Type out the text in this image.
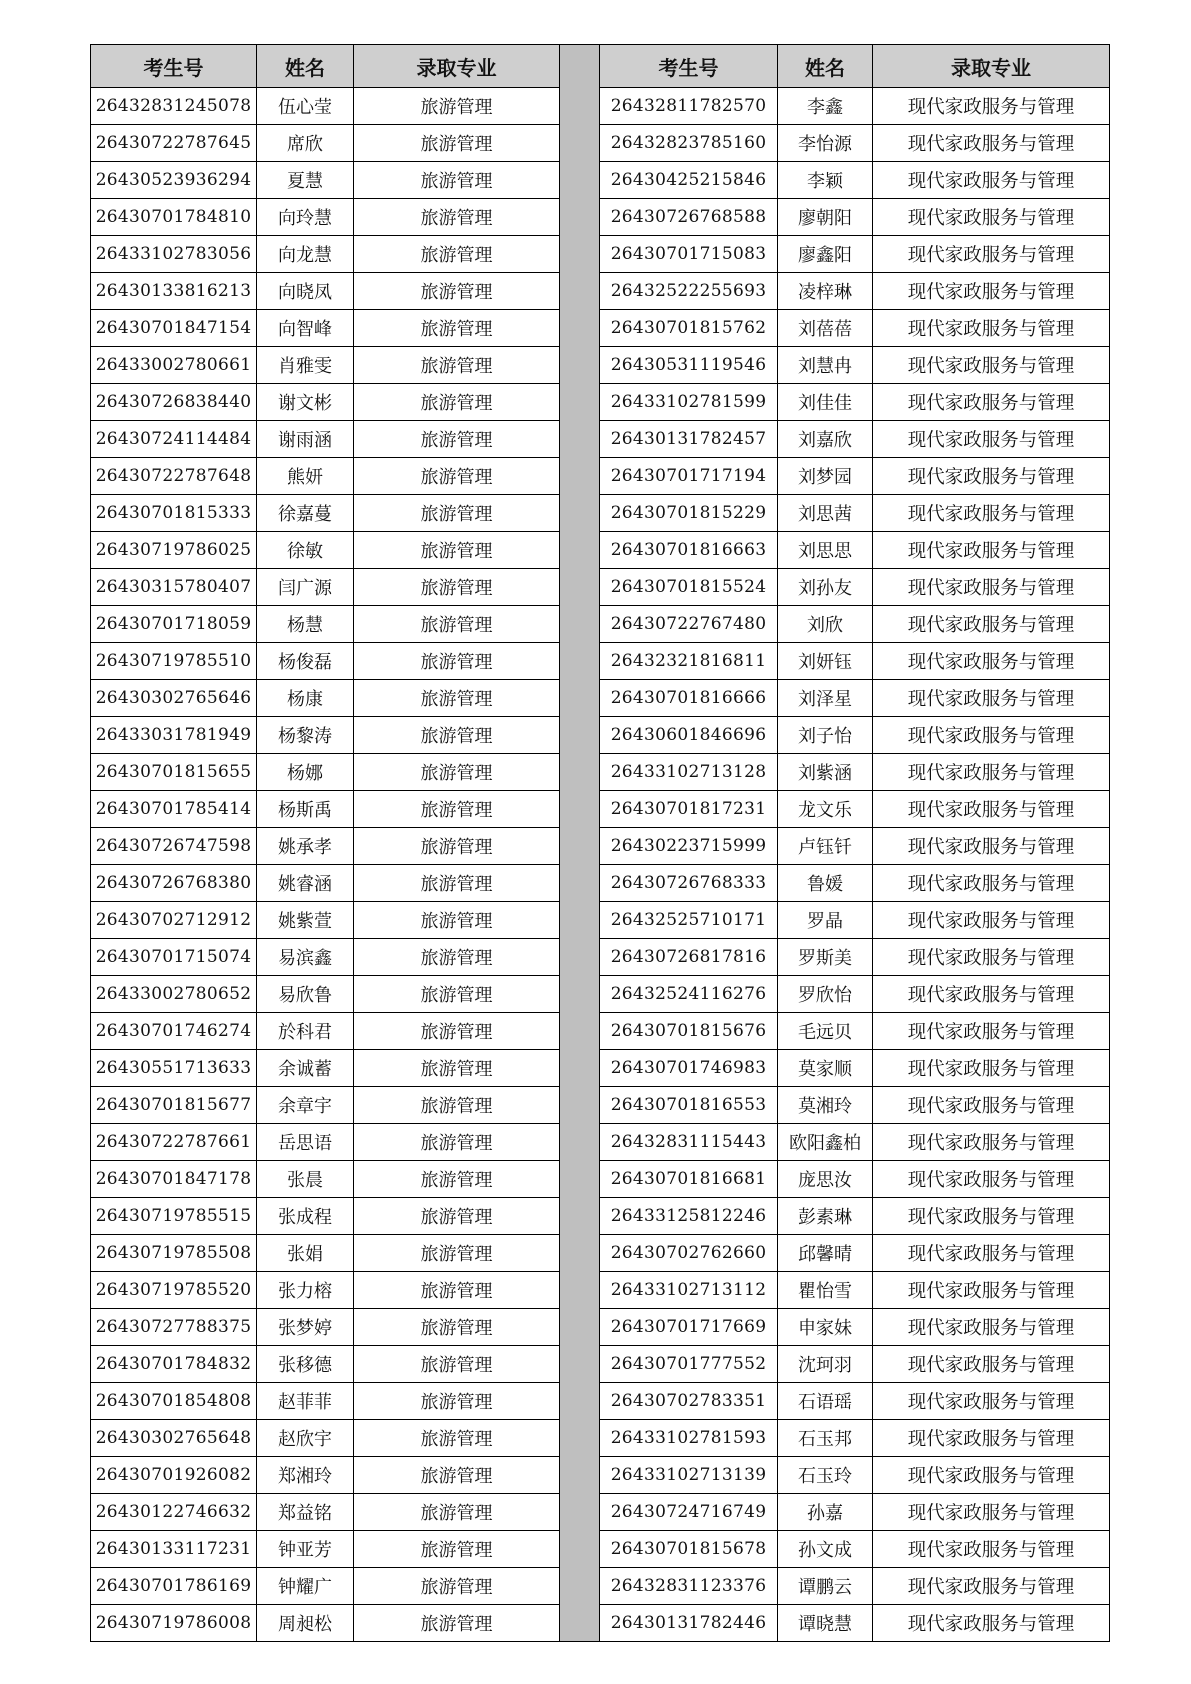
考生号	姓名	录取专业
26432831245078	伍心莹	旅游管理
26430722787645	席欣	旅游管理
26430523936294	夏慧	旅游管理
26430701784810	向玲慧	旅游管理
26433102783056	向龙慧	旅游管理
26430133816213	向晓凤	旅游管理
26430701847154	向智峰	旅游管理
26433002780661	肖雅雯	旅游管理
26430726838440	谢文彬	旅游管理
26430724114484	谢雨涵	旅游管理
26430722787648	熊妍	旅游管理
26430701815333	徐嘉蔓	旅游管理
26430719786025	徐敏	旅游管理
26430315780407	闫广源	旅游管理
26430701718059	杨慧	旅游管理
26430719785510	杨俊磊	旅游管理
26430302765646	杨康	旅游管理
26433031781949	杨黎涛	旅游管理
26430701815655	杨娜	旅游管理
26430701785414	杨斯禹	旅游管理
26430726747598	姚承孝	旅游管理
26430726768380	姚睿涵	旅游管理
26430702712912	姚紫萱	旅游管理
26430701715074	易滨鑫	旅游管理
26433002780652	易欣鲁	旅游管理
26430701746274	於科君	旅游管理
26430551713633	余诚蓄	旅游管理
26430701815677	余章宇	旅游管理
26430722787661	岳思语	旅游管理
26430701847178	张晨	旅游管理
26430719785515	张成程	旅游管理
26430719785508	张娟	旅游管理
26430719785520	张力榕	旅游管理
26430727788375	张梦婷	旅游管理
26430701784832	张移德	旅游管理
26430701854808	赵菲菲	旅游管理
26430302765648	赵欣宇	旅游管理
26430701926082	郑湘玲	旅游管理
26430122746632	郑益铭	旅游管理
26430133117231	钟亚芳	旅游管理
26430701786169	钟耀广	旅游管理
26430719786008	周昶松	旅游管理
考生号	姓名	录取专业
26432811782570	李鑫	现代家政服务与管理
26432823785160	李怡源	现代家政服务与管理
26430425215846	李颖	现代家政服务与管理
26430726768588	廖朝阳	现代家政服务与管理
26430701715083	廖鑫阳	现代家政服务与管理
26432522255693	凌梓琳	现代家政服务与管理
26430701815762	刘蓓蓓	现代家政服务与管理
26430531119546	刘慧冉	现代家政服务与管理
26433102781599	刘佳佳	现代家政服务与管理
26430131782457	刘嘉欣	现代家政服务与管理
26430701717194	刘梦园	现代家政服务与管理
26430701815229	刘思茜	现代家政服务与管理
26430701816663	刘思思	现代家政服务与管理
26430701815524	刘孙友	现代家政服务与管理
26430722767480	刘欣	现代家政服务与管理
26432321816811	刘妍钰	现代家政服务与管理
26430701816666	刘泽星	现代家政服务与管理
26430601846696	刘子怡	现代家政服务与管理
26433102713128	刘紫涵	现代家政服务与管理
26430701817231	龙文乐	现代家政服务与管理
26430223715999	卢钰钎	现代家政服务与管理
26430726768333	鲁媛	现代家政服务与管理
26432525710171	罗晶	现代家政服务与管理
26430726817816	罗斯美	现代家政服务与管理
26432524116276	罗欣怡	现代家政服务与管理
26430701815676	毛远贝	现代家政服务与管理
26430701746983	莫家顺	现代家政服务与管理
26430701816553	莫湘玲	现代家政服务与管理
26432831115443	欧阳鑫柏	现代家政服务与管理
26430701816681	庞思汝	现代家政服务与管理
26433125812246	彭素琳	现代家政服务与管理
26430702762660	邱馨晴	现代家政服务与管理
26433102713112	瞿怡雪	现代家政服务与管理
26430701717669	申家妹	现代家政服务与管理
26430701777552	沈珂羽	现代家政服务与管理
26430702783351	石语瑶	现代家政服务与管理
26433102781593	石玉邦	现代家政服务与管理
26433102713139	石玉玲	现代家政服务与管理
26430724716749	孙嘉	现代家政服务与管理
26430701815678	孙文成	现代家政服务与管理
26432831123376	谭鹏云	现代家政服务与管理
26430131782446	谭晓慧	现代家政服务与管理
